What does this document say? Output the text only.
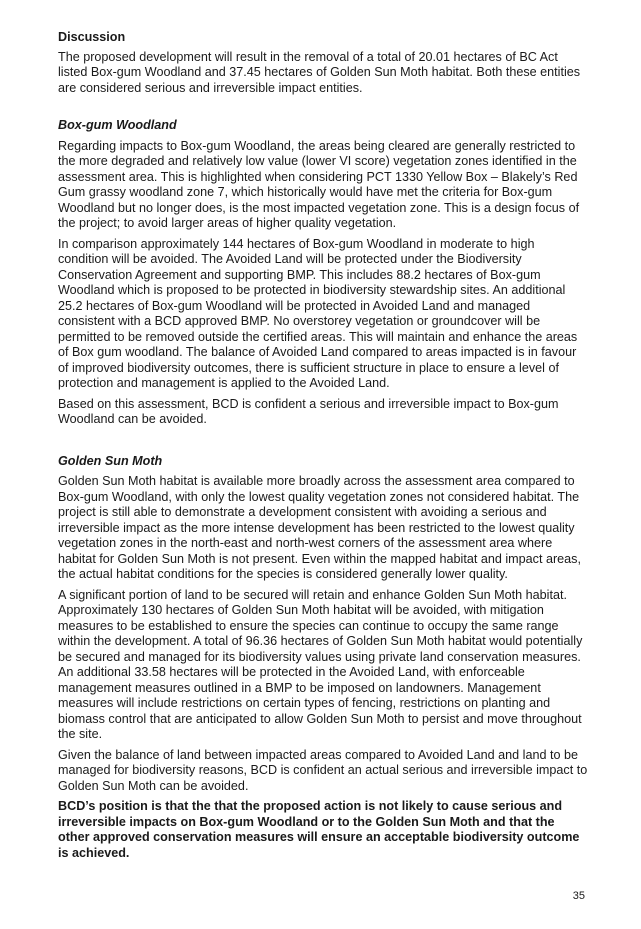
Discussion

The proposed development will result in the removal of a total of 20.01 hectares of BC Act listed Box-gum Woodland and 37.45 hectares of Golden Sun Moth habitat. Both these entities are considered serious and irreversible impact entities.

Box-gum Woodland

Regarding impacts to Box-gum Woodland, the areas being cleared are generally restricted to the more degraded and relatively low value (lower VI score) vegetation zones identified in the assessment area. This is highlighted when considering PCT 1330 Yellow Box – Blakely’s Red Gum grassy woodland zone 7, which historically would have met the criteria for Box-gum Woodland but no longer does, is the most impacted vegetation zone. This is a design focus of the project; to avoid larger areas of higher quality vegetation.

In comparison approximately 144 hectares of Box-gum Woodland in moderate to high condition will be avoided. The Avoided Land will be protected under the Biodiversity Conservation Agreement and supporting BMP. This includes 88.2 hectares of Box-gum Woodland which is proposed to be protected in biodiversity stewardship sites. An additional 25.2 hectares of Box-gum Woodland will be protected in Avoided Land and managed consistent with a BCD approved BMP. No overstorey vegetation or groundcover will be permitted to be removed outside the certified areas. This will maintain and enhance the areas of Box gum woodland. The balance of Avoided Land compared to areas impacted is in favour of improved biodiversity outcomes, there is sufficient structure in place to ensure a level of protection and management is applied to the Avoided Land.

Based on this assessment, BCD is confident a serious and irreversible impact to Box-gum Woodland can be avoided.

Golden Sun Moth

Golden Sun Moth habitat is available more broadly across the assessment area compared to Box-gum Woodland, with only the lowest quality vegetation zones not considered habitat. The project is still able to demonstrate a development consistent with avoiding a serious and irreversible impact as the more intense development has been restricted to the lowest quality vegetation zones in the north-east and north-west corners of the assessment area where habitat for Golden Sun Moth is not present. Even within the mapped habitat and impact areas, the actual habitat conditions for the species is considered generally lower quality.

A significant portion of land to be secured will retain and enhance Golden Sun Moth habitat. Approximately 130 hectares of Golden Sun Moth habitat will be avoided, with mitigation measures to be established to ensure the species can continue to occupy the same range within the development. A total of 96.36 hectares of Golden Sun Moth habitat would potentially be secured and managed for its biodiversity values using private land conservation measures. An additional 33.58 hectares will be protected in the Avoided Land, with enforceable management measures outlined in a BMP to be imposed on landowners. Management measures will include restrictions on certain types of fencing, restrictions on planting and biomass control that are anticipated to allow Golden Sun Moth to persist and move throughout the site.

Given the balance of land between impacted areas compared to Avoided Land and land to be managed for biodiversity reasons, BCD is confident an actual serious and irreversible impact to Golden Sun Moth can be avoided.

BCD’s position is that the that the proposed action is not likely to cause serious and irreversible impacts on Box-gum Woodland or to the Golden Sun Moth and that the other approved conservation measures will ensure an acceptable biodiversity outcome is achieved.

35
